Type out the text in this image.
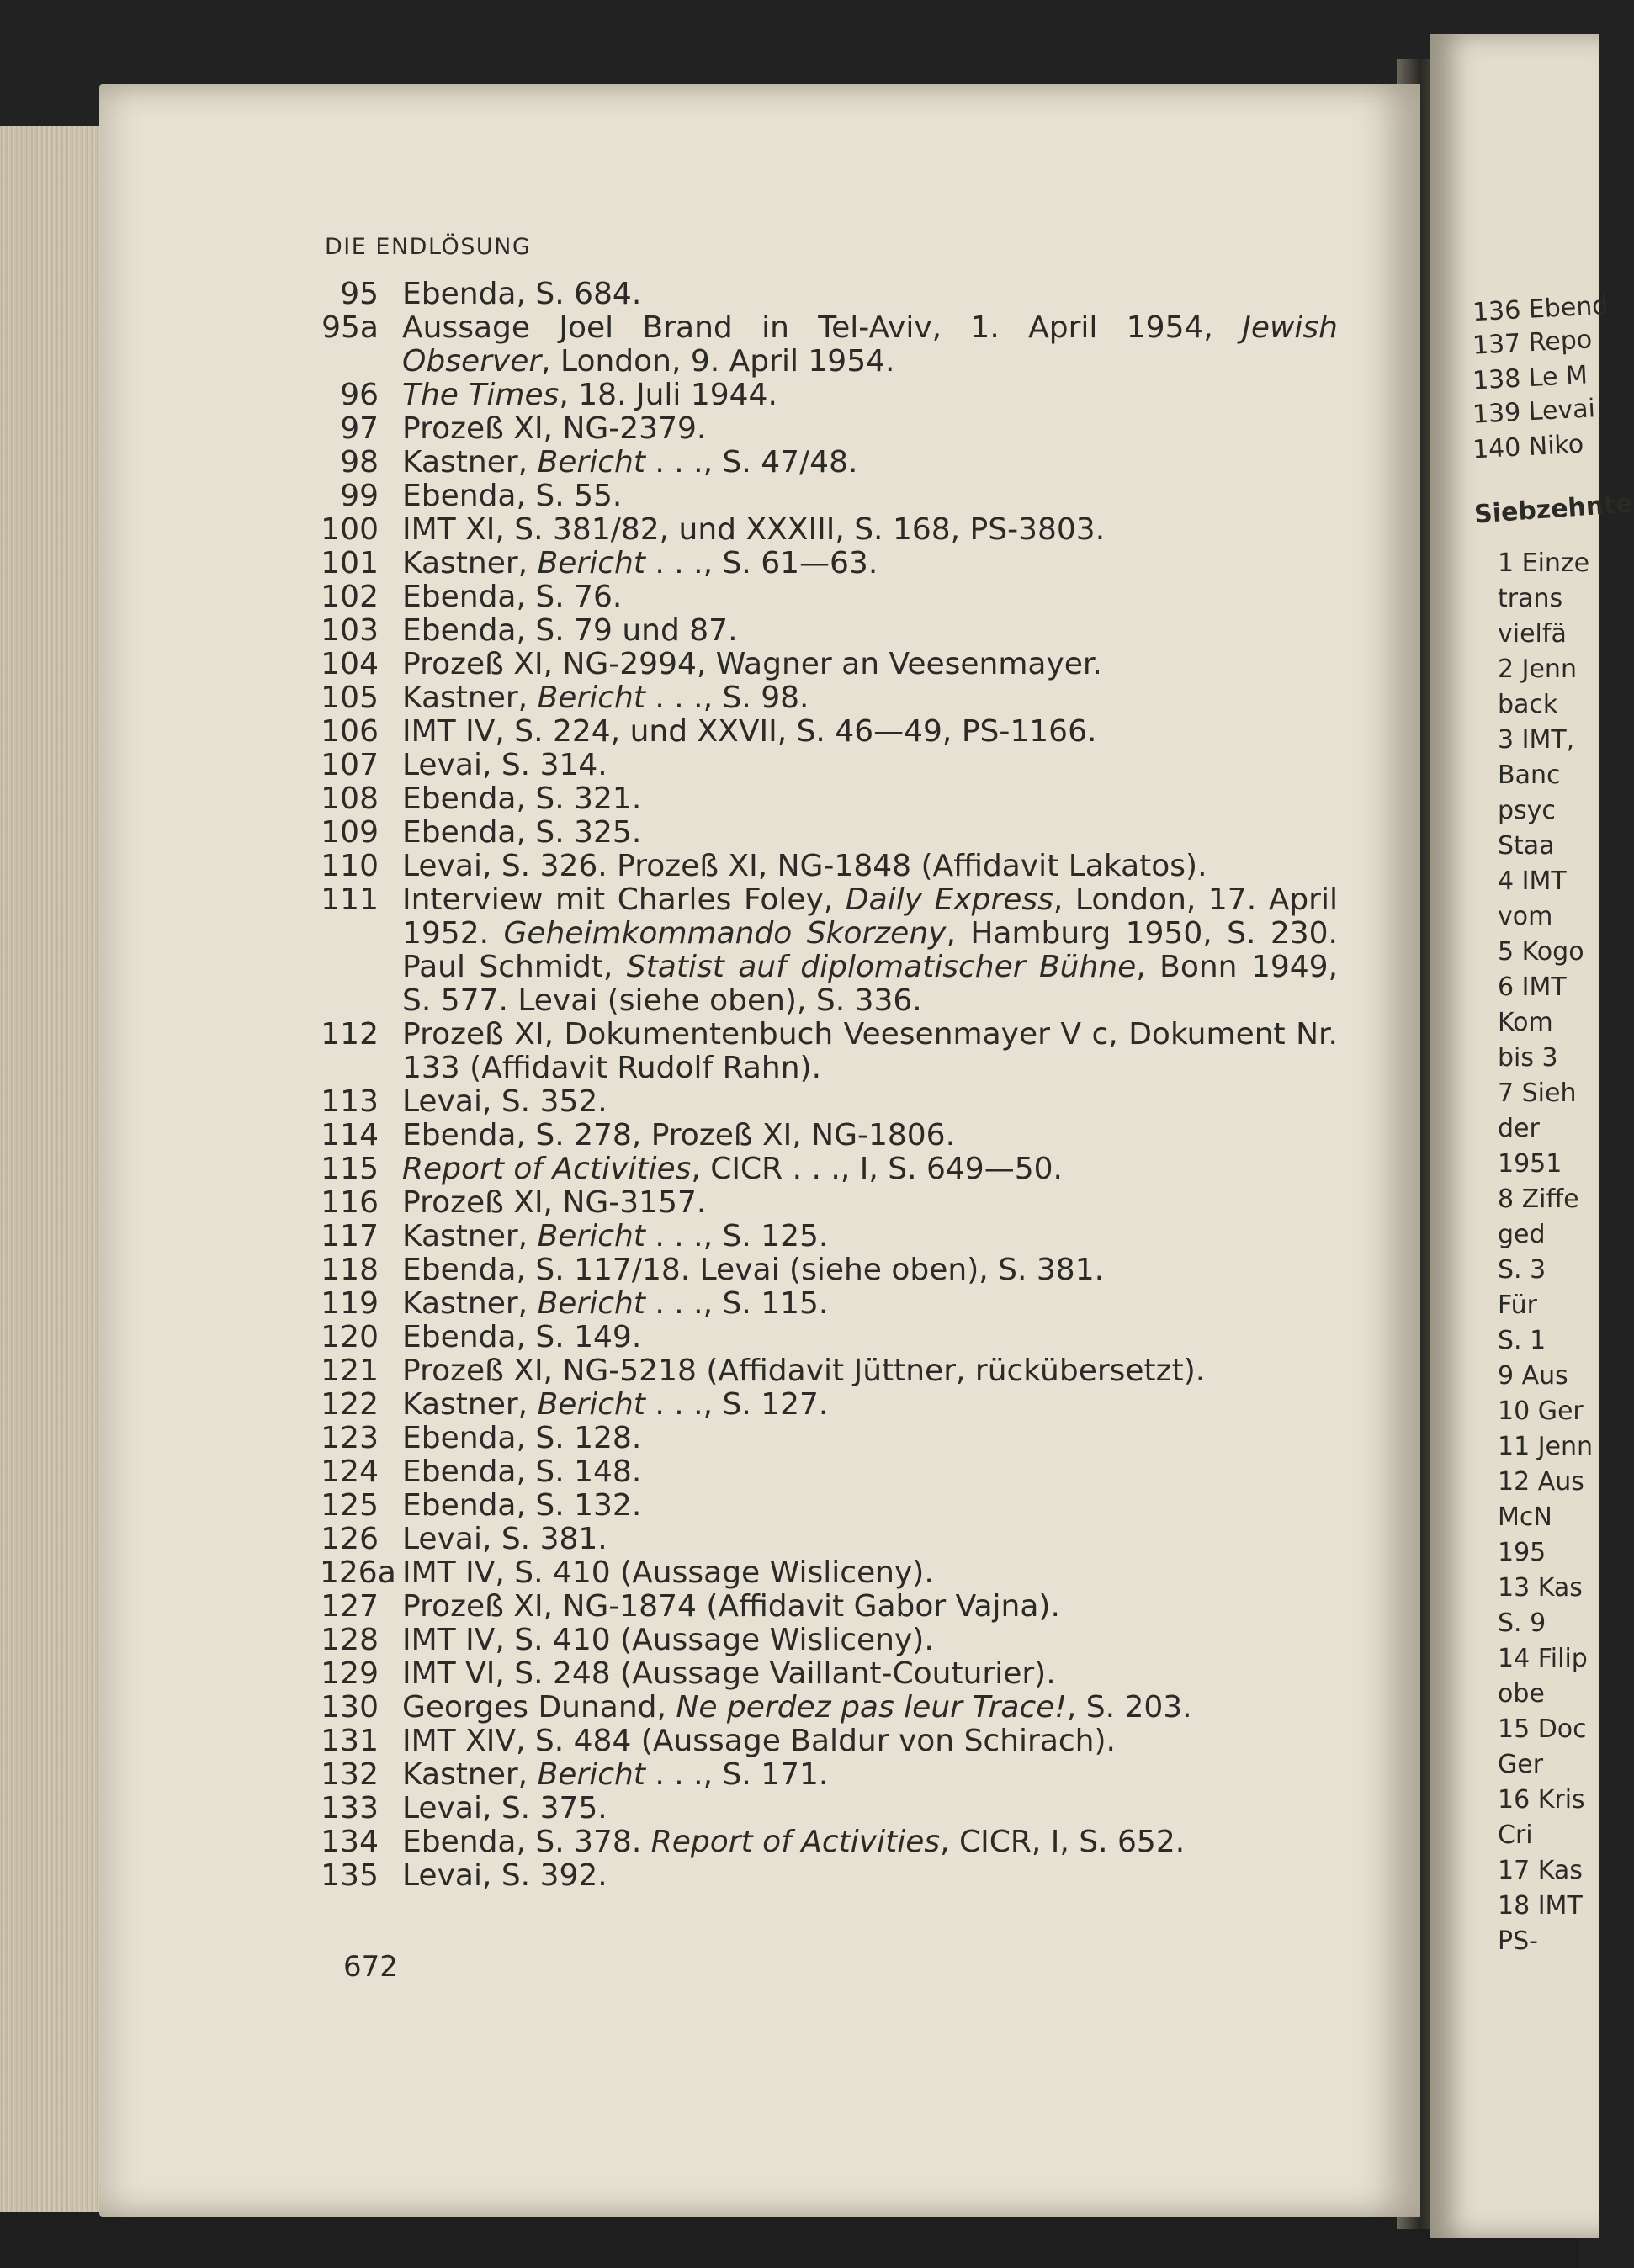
136 Ebend
137 Repo
138 Le M
139 Levai
140 Niko
Siebzehnte
1 Einze
trans
vielfä
2 Jenn
back
3 IMT,
Banc
psyc
Staa
4 IMT
vom
5 Kogo
6 IMT
Kom
bis 3
7 Sieh
der
1951
8 Ziffe
ged
S. 3
Für
S. 1
9 Aus
10 Ger
11 Jenn
12 Aus
McN
195
13 Kas
S. 9
14 Filip
obe
15 Doc
Ger
16 Kris
Cri
17 Kas
18 IMT
PS-
DIE ENDLÖSUNG
95 Ebenda, S. 684.
95a Aussage Joel Brand in Tel-Aviv, 1. April 1954, Jewish Observer, London, 9. April 1954.
96 The Times, 18. Juli 1944.
97 Prozeß XI, NG-2379.
98 Kastner, Bericht . . ., S. 47/48.
99 Ebenda, S. 55.
100 IMT XI, S. 381/82, und XXXIII, S. 168, PS-3803.
101 Kastner, Bericht . . ., S. 61—63.
102 Ebenda, S. 76.
103 Ebenda, S. 79 und 87.
104 Prozeß XI, NG-2994, Wagner an Veesenmayer.
105 Kastner, Bericht . . ., S. 98.
106 IMT IV, S. 224, und XXVII, S. 46—49, PS-1166.
107 Levai, S. 314.
108 Ebenda, S. 321.
109 Ebenda, S. 325.
110 Levai, S. 326. Prozeß XI, NG-1848 (Affidavit Lakatos).
111 Interview mit Charles Foley, Daily Express, London, 17. April 1952. Geheimkommando Skorzeny, Hamburg 1950, S. 230. Paul Schmidt, Statist auf diplomatischer Bühne, Bonn 1949, S. 577. Levai (siehe oben), S. 336.
112 Prozeß XI, Dokumentenbuch Veesenmayer V c, Dokument Nr. 133 (Affidavit Rudolf Rahn).
113 Levai, S. 352.
114 Ebenda, S. 278, Prozeß XI, NG-1806.
115 Report of Activities, CICR . . ., I, S. 649—50.
116 Prozeß XI, NG-3157.
117 Kastner, Bericht . . ., S. 125.
118 Ebenda, S. 117/18. Levai (siehe oben), S. 381.
119 Kastner, Bericht . . ., S. 115.
120 Ebenda, S. 149.
121 Prozeß XI, NG-5218 (Affidavit Jüttner, rückübersetzt).
122 Kastner, Bericht . . ., S. 127.
123 Ebenda, S. 128.
124 Ebenda, S. 148.
125 Ebenda, S. 132.
126 Levai, S. 381.
126a IMT IV, S. 410 (Aussage Wisliceny).
127 Prozeß XI, NG-1874 (Affidavit Gabor Vajna).
128 IMT IV, S. 410 (Aussage Wisliceny).
129 IMT VI, S. 248 (Aussage Vaillant-Couturier).
130 Georges Dunand, Ne perdez pas leur Trace!, S. 203.
131 IMT XIV, S. 484 (Aussage Baldur von Schirach).
132 Kastner, Bericht . . ., S. 171.
133 Levai, S. 375.
134 Ebenda, S. 378. Report of Activities, CICR, I, S. 652.
135 Levai, S. 392.
672
